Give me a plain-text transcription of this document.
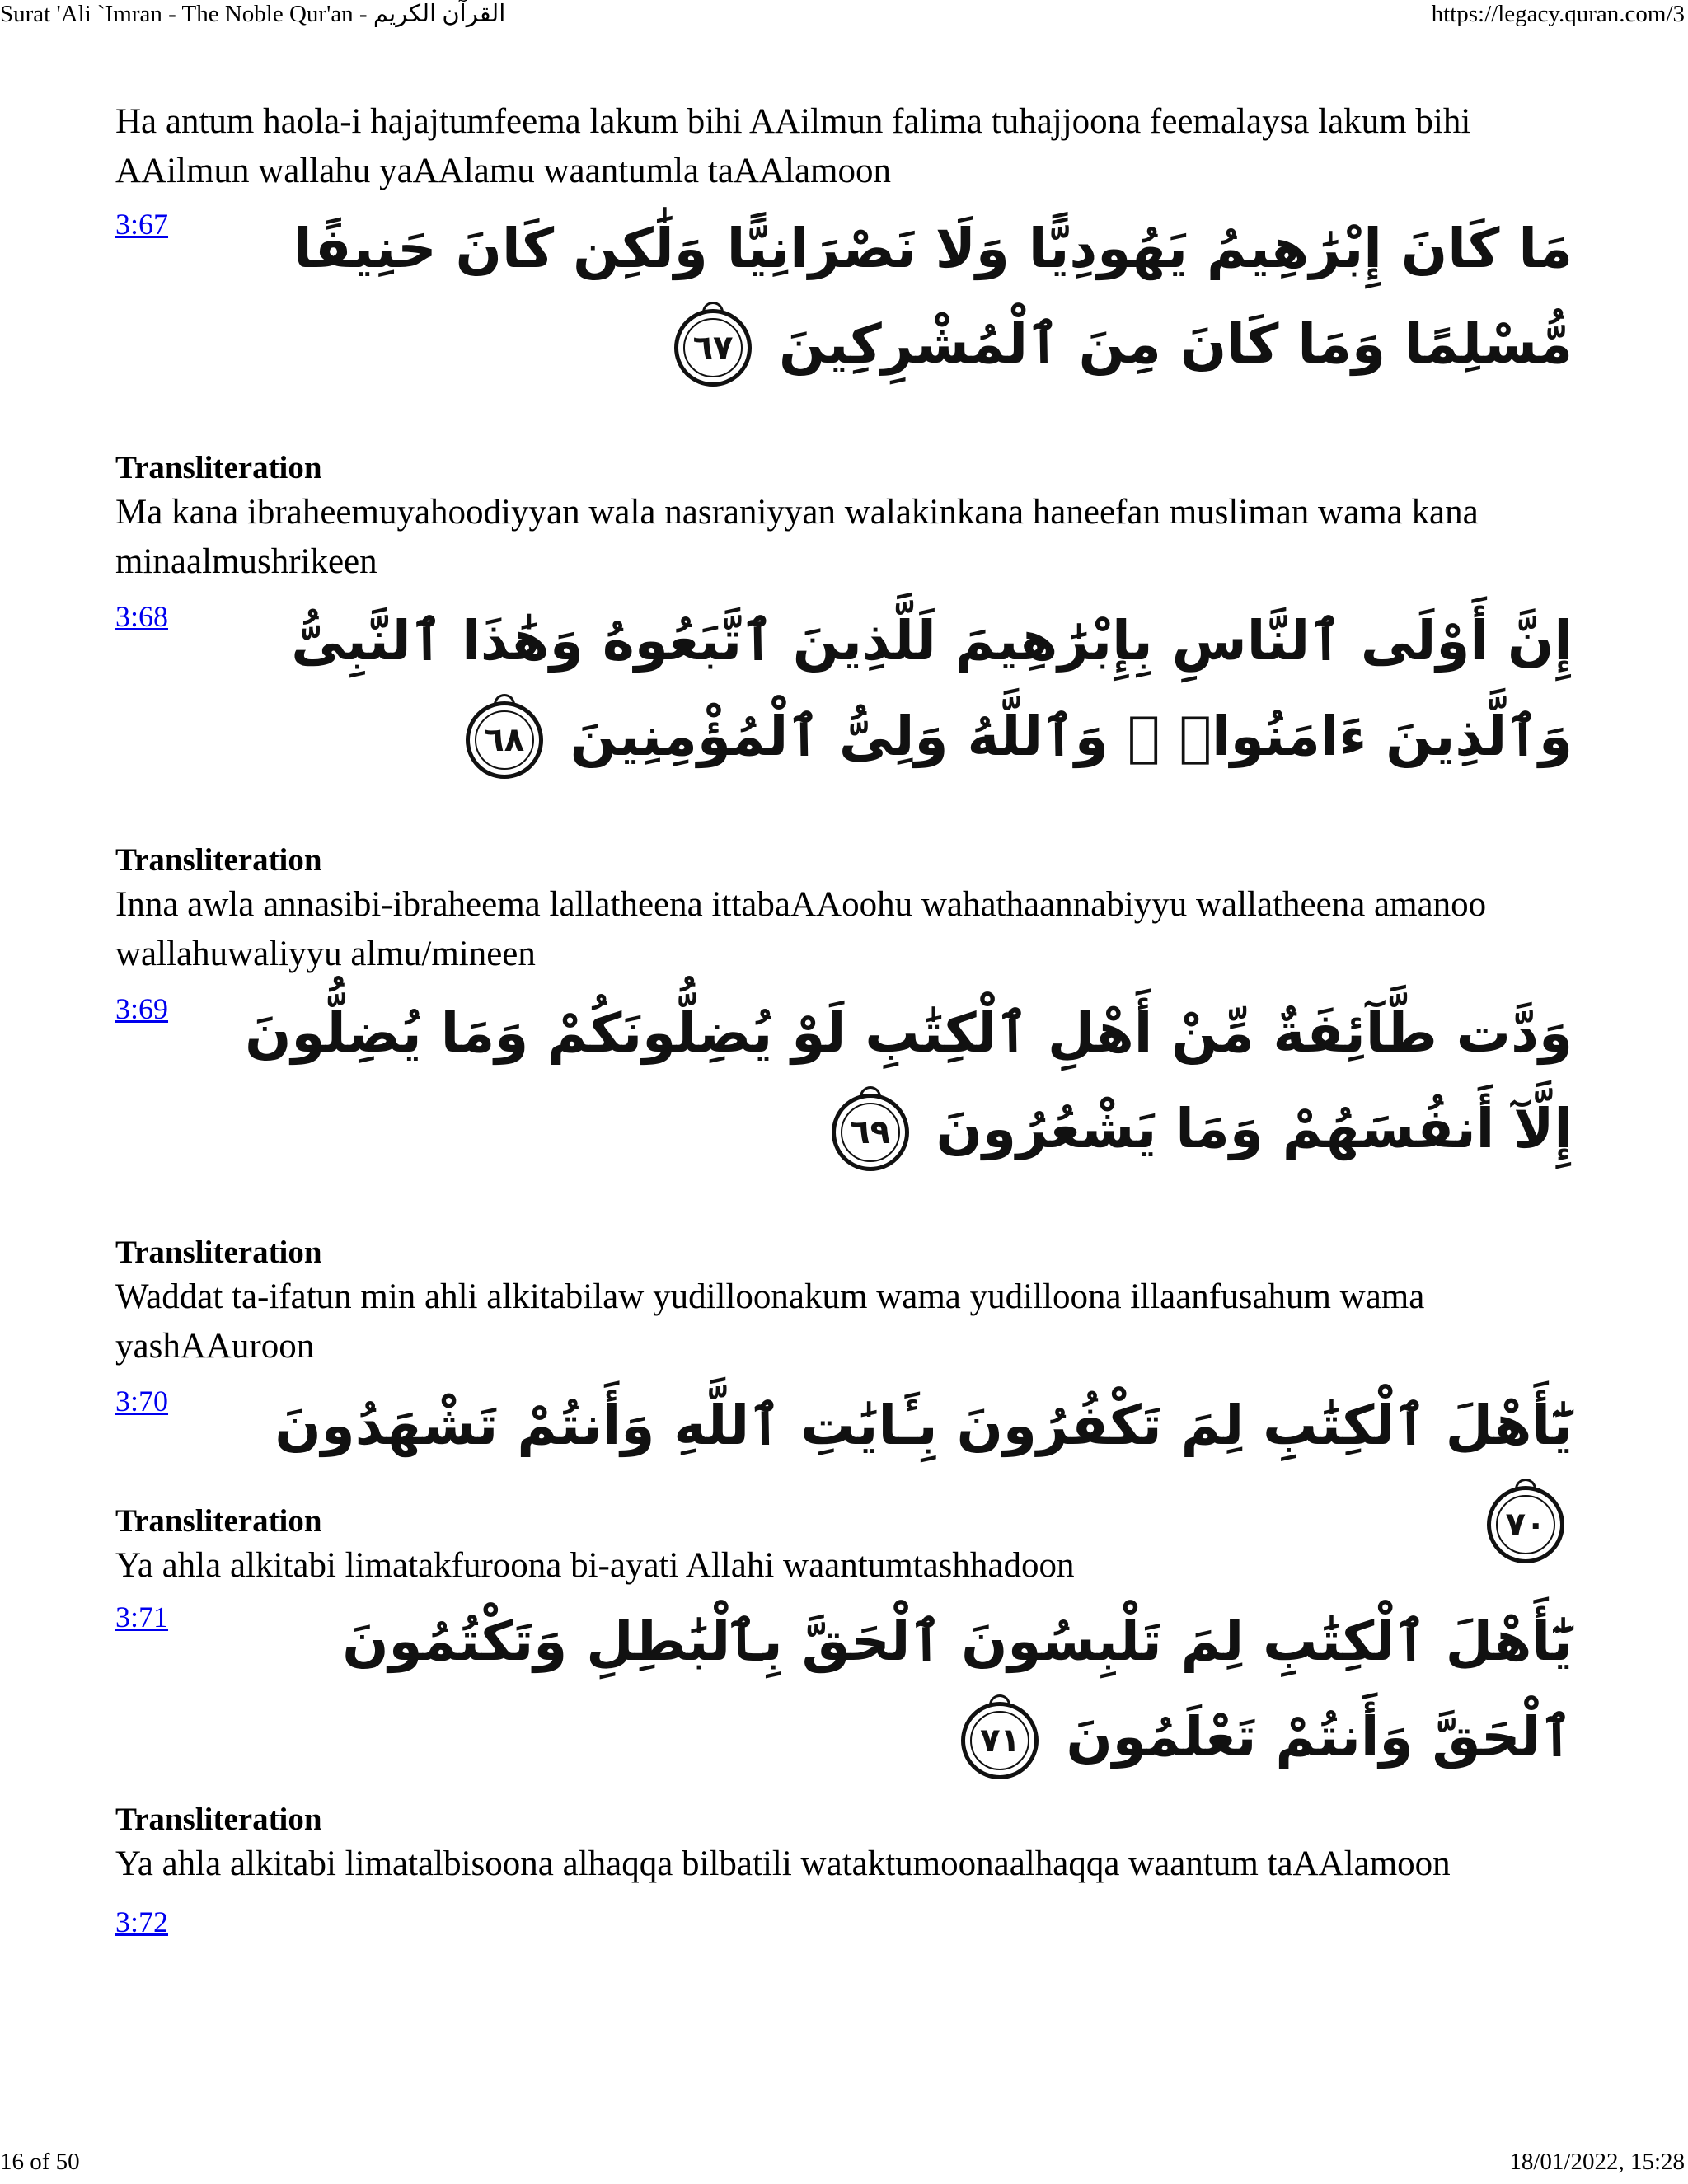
Surat 'Ali `Imran - The Noble Qur'an - القرآن الكريم	https://legacy.quran.com/3

Ha antum haola-i hajajtumfeema lakum bihi AAilmun falima tuhajjoona feemalaysa lakum bihi AAilmun wallahu yaAAlamu waantumla taAAlamoon

3:67	مَا كَانَ إِبْرَٰهِيمُ يَهُودِيًّا وَلَا نَصْرَانِيًّا وَلَٰكِن كَانَ حَنِيفًا مُّسْلِمًا وَمَا كَانَ مِنَ ٱلْمُشْرِكِينَ ٦٧

Transliteration

Ma kana ibraheemuyahoodiyyan wala nasraniyyan walakinkana haneefan musliman wama kana minaalmushrikeen

3:68	إِنَّ أَوْلَى ٱلنَّاسِ بِإِبْرَٰهِيمَ لَلَّذِينَ ٱتَّبَعُوهُ وَهَٰذَا ٱلنَّبِىُّ وَٱلَّذِينَ ءَامَنُوا۟ ۗ وَٱللَّهُ وَلِىُّ ٱلْمُؤْمِنِينَ ٦٨

Transliteration

Inna awla annasibi-ibraheema lallatheena ittabaAAoohu wahathaannabiyyu wallatheena amanoo wallahuwaliyyu almu/mineen

3:69	وَدَّت طَّآئِفَةٌ مِّنْ أَهْلِ ٱلْكِتَٰبِ لَوْ يُضِلُّونَكُمْ وَمَا يُضِلُّونَ إِلَّآ أَنفُسَهُمْ وَمَا يَشْعُرُونَ ٦٩

Transliteration

Waddat ta-ifatun min ahli alkitabilaw yudilloonakum wama yudilloona illaanfusahum wama yashAAuroon

3:70	يَٰٓأَهْلَ ٱلْكِتَٰبِ لِمَ تَكْفُرُونَ بِـَٔايَٰتِ ٱللَّهِ وَأَنتُمْ تَشْهَدُونَ ٧٠

Transliteration

Ya ahla alkitabi limatakfuroona bi-ayati Allahi waantumtashhadoon

3:71	يَٰٓأَهْلَ ٱلْكِتَٰبِ لِمَ تَلْبِسُونَ ٱلْحَقَّ بِٱلْبَٰطِلِ وَتَكْتُمُونَ ٱلْحَقَّ وَأَنتُمْ تَعْلَمُونَ ٧١

Transliteration

Ya ahla alkitabi limatalbisoona alhaqqa bilbatili wataktumoonaalhaqqa waantum taAAlamoon

3:72
16 of 50	18/01/2022, 15:28
